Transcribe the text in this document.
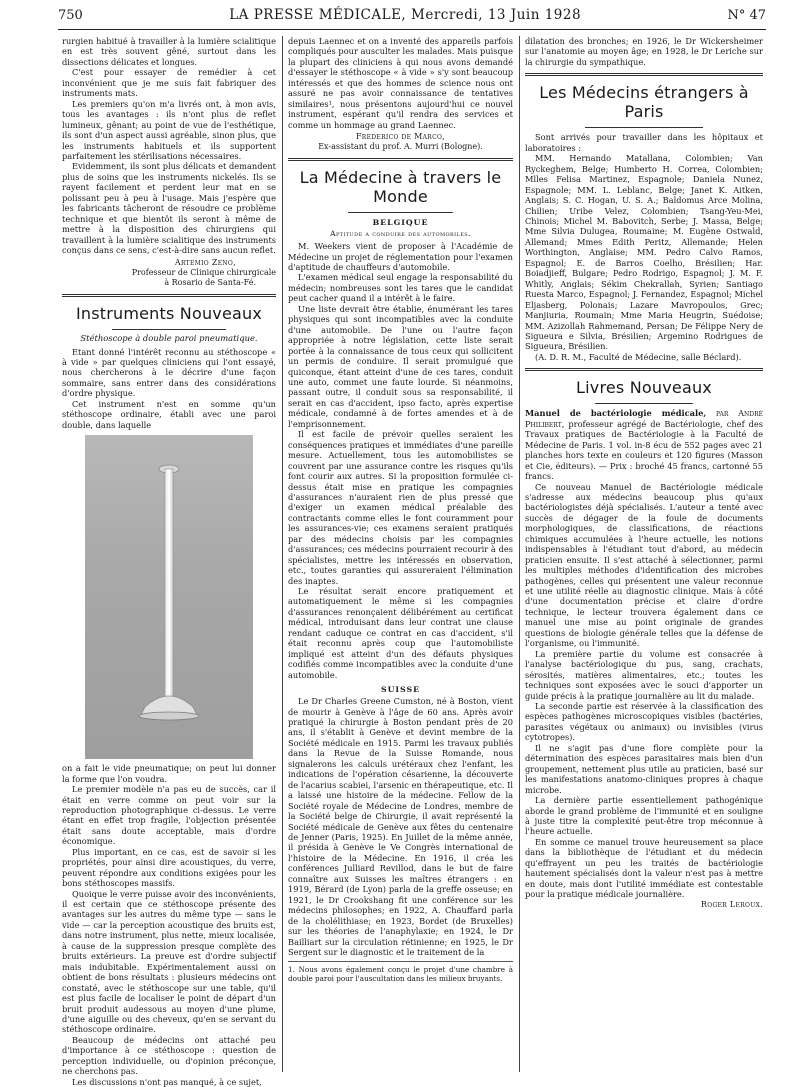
750	LA PRESSE MÉDICALE, Mercredi, 13 Juin 1928	N° 47

rurgien habitué à travailler à la lumière scialitique en est très souvent gêné, surtout dans les dissections délicates et longues.

C'est pour essayer de remédier à cet inconvénient que je me suis fait fabriquer des instruments mats.

Les premiers qu'on m'a livrés ont, à mon avis, tous les avantages : ils n'ont plus de reflet lumineux, gênant; au point de vue de l'esthétique, ils sont d'un aspect aussi agréable, sinon plus, que les instruments habituels et ils supportent parfaitement les stérilisations nécessaires.

Evidemment, ils sont plus délicats et demandent plus de soins que les instruments nickelés. Ils se rayent facilement et perdent leur mat en se polissant peu à peu à l'usage. Mais j'espère que les fabricants tâcheront de résoudre ce problème technique et que bientôt ils seront à même de mettre à la disposition des chirurgiens qui travaillent à la lumière scialitique des instruments conçus dans ce sens, c'est-à-dire sans aucun reflet.

Artemio Zeno,
Professeur de Clinique chirurgicale
à Rosario de Santa-Fé.
Instruments Nouveaux
Stéthoscope à double paroi pneumatique.

Etant donné l'intérêt reconnu au stéthoscope « à vide » par quelques cliniciens qui l'ont essayé, nous chercherons à le décrire d'une façon sommaire, sans entrer dans des considérations d'ordre physique.

Cet instrument n'est en somme qu'un stéthoscope ordinaire, établi avec une paroi double, dans laquelle

on a fait le vide pneumatique; on peut lui donner la forme que l'on voudra.

Le premier modèle n'a pas eu de succès, car il était en verre comme on peut voir sur la reproduction photographique ci-dessus. Le verre étant en effet trop fragile, l'objection présentée était sans doute acceptable, mais d'ordre économique.

Plus important, en ce cas, est de savoir si les propriétés, pour ainsi dire acoustiques, du verre, peuvent répondre aux conditions exigées pour les bons stéthoscopes massifs.

Quoique le verre puisse avoir des inconvénients, il est certain que ce stéthoscope présente des avantages sur les autres du même type — sans le vide — car la perception acoustique des bruits est, dans notre instrument, plus nette, mieux localisée, à cause de la suppression presque complète des bruits extérieurs. La preuve est d'ordre subjectif mais indubitable. Expérimentalement aussi on obtient de bons résultats : plusieurs médecins ont constaté, avec le stéthoscope sur une table, qu'il est plus facile de localiser le point de départ d'un bruit produit audessous au moyen d'une plume, d'une aiguille ou des cheveux, qu'en se servant du stéthoscope ordinaire.

Beaucoup de médecins ont attaché peu d'importance à ce stéthoscope : question de perception individuelle, ou d'opinion préconçue, ne cherchons pas.

Les discussions n'ont pas manqué, à ce sujet,

depuis Laennec et on a inventé des appareils parfois compliqués pour ausculter les malades. Mais puisque la plupart des cliniciens à qui nous avons demandé d'essayer le stéthoscope « à vide » s'y sont beaucoup intéressés et que des hommes de science nous ont assuré ne pas avoir connaissance de tentatives similaires¹, nous présentons aujourd'hui ce nouvel instrument, espérant qu'il rendra des services et comme un hommage au grand Laennec.

Frederico de Marco,
Ex-assistant du prof. A. Murri (Bologne).
La Médecine à travers le Monde
BELGIQUE
Aptitude a conduire des automobiles.

M. Weekers vient de proposer à l'Académie de Médecine un projet de réglementation pour l'examen d'aptitude de chauffeurs d'automobile.

L'examen médical seul engage la responsabilité du médecin; nombreuses sont les tares que le candidat peut cacher quand il a intérêt à le faire.

Une liste devrait être établie, énumérant les tares physiques qui sont incompatibles avec la conduite d'une automobile. De l'une ou l'autre façon appropriée à notre législation, cette liste serait portée à la connaissance de tous ceux qui sollicitent un permis de conduire. Il serait promulgué que quiconque, étant atteint d'une de ces tares, conduit une auto, commet une faute lourde. Si néanmoins, passant outre, il conduit sous sa responsabilité, il serait en cas d'accident, ipso facto, après expertise médicale, condamné à de fortes amendes et à de l'emprisonnement.

Il est facile de prévoir quelles seraient les conséquences pratiques et immédiates d'une pareille mesure. Actuellement, tous les automobilistes se couvrent par une assurance contre les risques qu'ils font courir aux autres. Si la proposition formulée ci-dessus était mise en pratique les compagnies d'assurances n'auraient rien de plus pressé que d'exiger un examen médical préalable des contractants comme elles le font couramment pour les assurances-vie; ces examens seraient pratiqués par des médecins choisis par les compagnies d'assurances; ces médecins pourraient recourir à des spécialistes, mettre les intéressés en observation, etc., toutes garanties qui assureraient l'élimination des inaptes.

Le résultat serait encore pratiquement et automatiquement le même si les compagnies d'assurances renonçaient délibérément au certificat médical, introduisant dans leur contrat une clause rendant caduque ce contrat en cas d'accident, s'il était reconnu après coup que l'automobiliste impliqué est atteint d'un des défauts physiques codifiés comme incompatibles avec la conduite d'une automobile.

SUISSE

Le Dr Charles Greene Cumston, né à Boston, vient de mourir à Genève à l'âge de 60 ans. Après avoir pratiqué la chirurgie à Boston pendant près de 20 ans, il s'établit à Genève et devint membre de la Société médicale en 1915. Parmi les travaux publiés dans la Revue de la Suisse Romande, nous signalerons les calculs urétéraux chez l'enfant, les indications de l'opération césarienne, la découverte de l'acarius scabiei, l'arsenic en thérapeutique, etc. Il a laissé une histoire de la médecine. Fellow de la Société royale de Médecine de Londres, membre de la Société belge de Chirurgie, il avait représenté la Société médicale de Genève aux fêtes du centenaire de Jenner (Paris, 1925). En Juillet de la même année, il présida à Genève le Ve Congrès international de l'histoire de la Médecine. En 1916, il créa les conférences Julliard Revillod, dans le but de faire connaître aux Suisses les maîtres étrangers : en 1919, Bérard (de Lyon) parla de la greffe osseuse; en 1921, le Dr Crookshang fit une conférence sur les médecins philosophes; en 1922, A. Chauffard parla de la cholélithiase; en 1923, Bordet (de Bruxelles) sur les théories de l'anaphylaxie; en 1924, le Dr Bailliart sur la circulation rétinienne; en 1925, le Dr Sergent sur le diagnostic et le traitement de la

1. Nous avons également conçu le projet d'une chambre à double paroi pour l'auscultation dans les milieux bruyants.

dilatation des bronches; en 1926, le Dr Wickersheimer sur l'anatomie au moyen âge; en 1928, le Dr Leriche sur la chirurgie du sympathique.

Les Médecins étrangers à Paris

Sont arrivés pour travailler dans les hôpitaux et laboratoires :

MM. Hernando Matallana, Colombien; Van Ryckeghem, Belge; Humberto H. Correa, Colombien; Mlles Felisa Martinez, Espagnole; Daniela Nunez, Espagnole; MM. L. Leblanc, Belge; Janet K. Aitken, Anglais; S. C. Hogan, U. S. A.; Baldomus Arce Molina, Chilien; Uribe Velez, Colombien; Tsang-Yeu-Mei, Chinois; Michel M. Babovitch, Serbe; J. Massa, Belge; Mme Silvia Dulugea, Roumaine; M. Eugène Ostwald, Allemand; Mmes Edith Peritz, Allemande; Helen Worthington, Anglaise; MM. Pedro Calvo Ramos, Espagnol; E. de Barros Coelho, Brésilien; Har. Boiadjieff, Bulgare; Pedro Rodrigo, Espagnol; J. M. F. Whitly, Anglais; Sékim Chekrallah, Syrien; Santiago Ruesta Marco, Espagnol; J. Fernandez, Espagnol; Michel Eljasberg, Polonais; Lazare Mavropoulos, Grec; Manjiuria, Roumain; Mme Maria Heugrin, Suédoise; MM. Azizollah Rahmemand, Persan; De Félippe Nery de Sigueura e Silvia, Brésilien; Argemino Rodrigues de Sigueura, Brésilien.

(A. D. R. M., Faculté de Médecine, salle Béclard).

Livres Nouveaux
Manuel de bactériologie médicale, par André Philibert, professeur agrégé de Bactériologie, chef des Travaux pratiques de Bactériologie à la Faculté de Médecine de Paris. 1 vol. in-8 écu de 552 pages avec 21 planches hors texte en couleurs et 120 figures (Masson et Cie, éditeurs). — Prix : broché 45 francs, cartonné 55 francs.

Ce nouveau Manuel de Bactériologie médicale s'adresse aux médecins beaucoup plus qu'aux bactériologistes déjà spécialisés. L'auteur a tenté avec succès de dégager de la foule de documents morphologiques, de classifications, de réactions chimiques accumulées à l'heure actuelle, les notions indispensables à l'étudiant tout d'abord, au médecin praticien ensuite. Il s'est attaché à sélectionner, parmi les multiples méthodes d'identification des microbes pathogènes, celles qui présentent une valeur reconnue et une utilité réelle au diagnostic clinique. Mais à côté d'une documentation précise et claire d'ordre technique, le lecteur trouvera également dans ce manuel une mise au point originale de grandes questions de biologie générale telles que la défense de l'organisme, ou l'immunité.

La première partie du volume est consacrée à l'analyse bactériologique du pus, sang, crachats, sérosités, matières alimentaires, etc.; toutes les techniques sont exposées avec le souci d'apporter un guide précis à la pratique journalière au lit du malade.

La seconde partie est réservée à la classification des espèces pathogènes microscopiques visibles (bactéries, parasites végétaux ou animaux) ou invisibles (virus cytotropes).

Il ne s'agit pas d'une flore complète pour la détermination des espèces parasitaires mais bien d'un groupement, nettement plus utile au praticien, basé sur les manifestations anatomo-cliniques propres à chaque microbe.

La dernière partie essentiellement pathogénique aborde le grand problème de l'immunité et en souligne à juste titre la complexité peut-être trop méconnue à l'heure actuelle.

En somme ce manuel trouve heureusement sa place dans la bibliothèque de l'étudiant et du médecin qu'effrayent un peu les traités de bactériologie hautement spécialisés dont la valeur n'est pas à mettre en doute, mais dont l'utilité immédiate est contestable pour la pratique médicale journalière.

Roger Leroux.
